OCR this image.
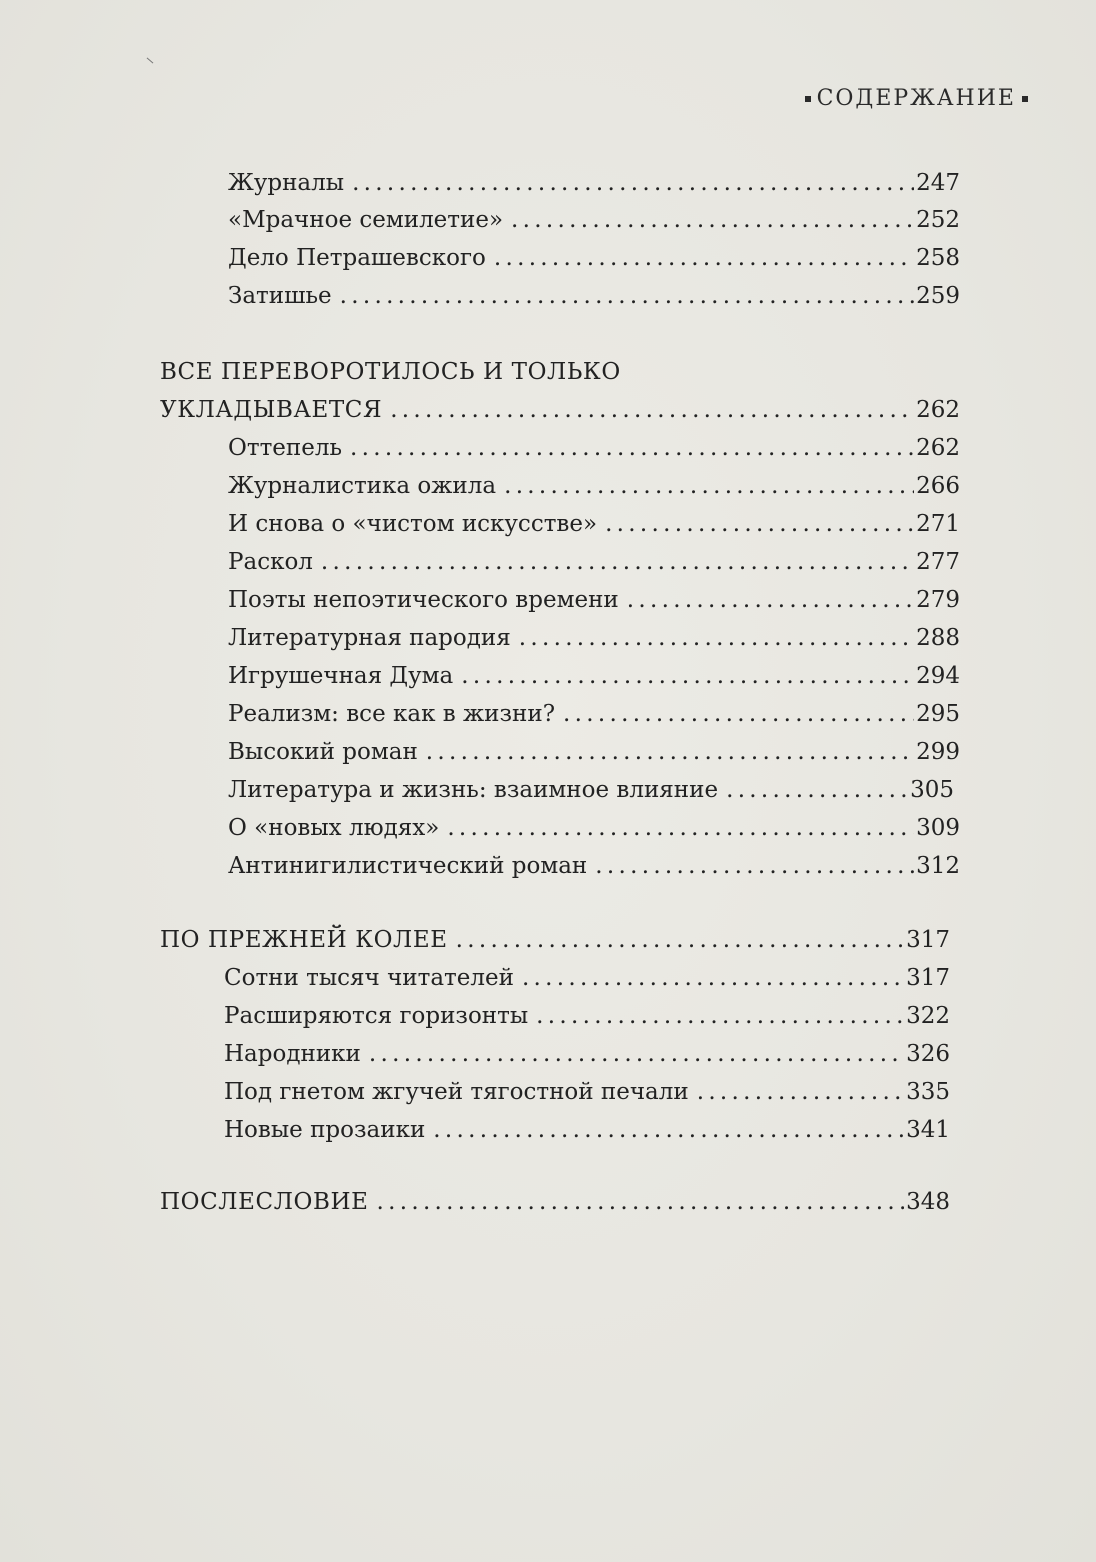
СОДЕРЖАНИЕ
Журналы .....	247
«Мрачное семилетие» .....	252
Дело Петрашевского .....	258
Затишье .....	259
ВСЕ ПЕРЕВОРОТИЛОСЬ И ТОЛЬКО
УКЛАДЫВАЕТСЯ .....	262
Оттепель .....	262
Журналистика ожила .....	266
И снова о «чистом искусстве» .....	271
Раскол .....	277
Поэты непоэтического времени .....	279
Литературная пародия .....	288
Игрушечная Дума .....	294
Реализм: все как в жизни? .....	295
Высокий роман .....	299
Литература и жизнь: взаимное влияние .....	305
О «новых людях» .....	309
Антинигилистический роман .....	312
ПО ПРЕЖНЕЙ КОЛЕЕ .....	317
Сотни тысяч читателей .....	317
Расширяются горизонты .....	322
Народники .....	326
Под гнетом жгучей тягостной печали .....	335
Новые прозаики .....	341
ПОСЛЕСЛОВИЕ .....	348
